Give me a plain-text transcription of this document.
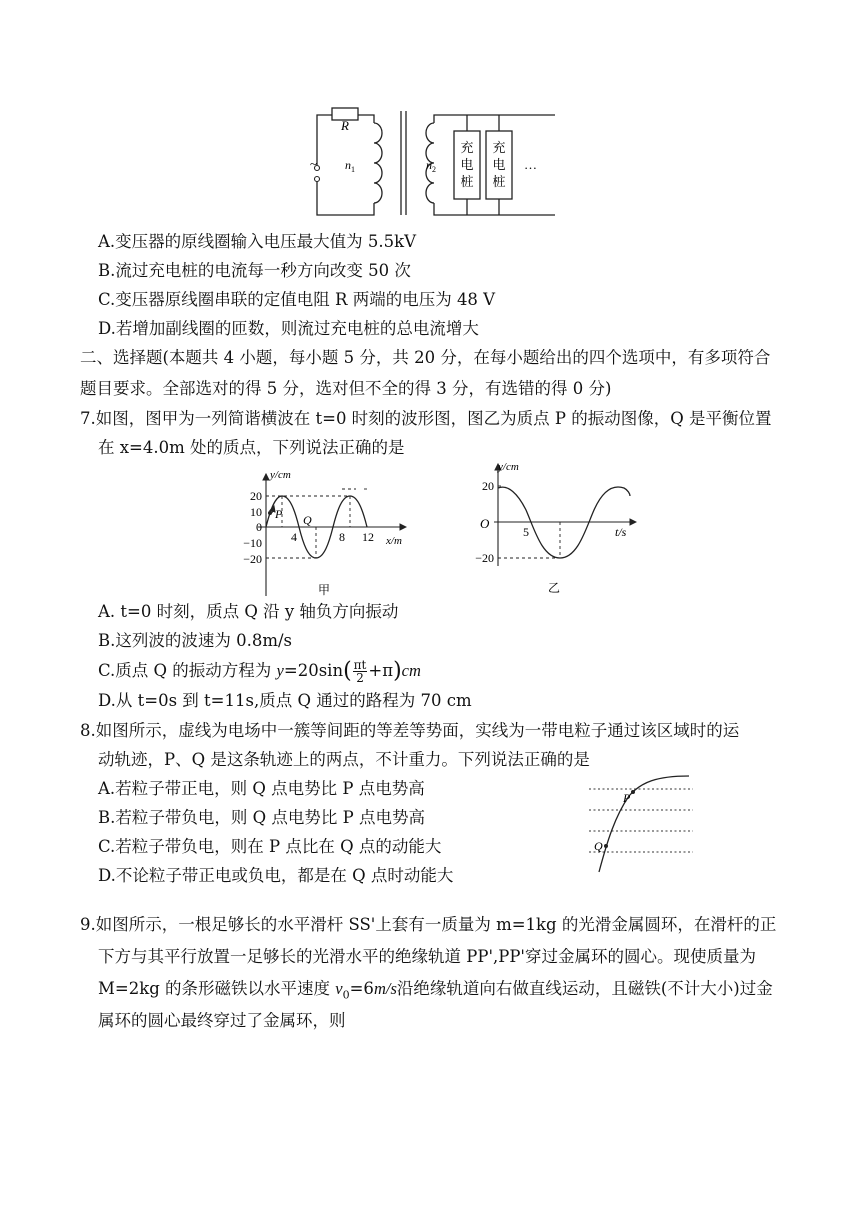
R
~ $n_1$	$n_2$
充
电
桩
充
电
桩
…
A.变压器的原线圈输入电压最大值为 5.5kV
B.流过充电桩的电流每一秒方向改变 50 次
C.变压器原线圈串联的定值电阻 R 两端的电压为 48 V
D.若增加副线圈的匝数，则流过充电桩的总电流增大
二、选择题(本题共 4 小题，每小题 5 分，共 20 分，在每小题给出的四个选项中，有多项符合
题目要求。全部选对的得 5 分，选对但不全的得 3 分，有选错的得 0 分)
7.如图，图甲为一列简谐横波在 t=0 时刻的波形图，图乙为质点 P 的振动图像，Q 是平衡位置
在 x=4.0m 处的质点，下列说法正确的是
P Q
y/cm
x/m
20
10
0
−10
−20
4	8 12
甲
y/cm
t/s
O
5
20
−20
乙
A. t=0 时刻，质点 Q 沿 y 轴负方向振动
B.这列波的波速为 0.8m/s
C.质点 Q 的振动方程为 $y=20\sin( \frac{\pi t}{2} +\pi)cm$
D.从 t=0s 到 t=11s,质点 Q 通过的路程为 70 cm
8.如图所示，虚线为电场中一簇等间距的等差等势面，实线为一带电粒子通过该区域时的运
动轨迹，P、Q 是这条轨迹上的两点，不计重力。下列说法正确的是
A.若粒子带正电，则 Q 点电势比 P 点电势高
B.若粒子带负电，则 Q 点电势比 P 点电势高
C.若粒子带负电，则在 P 点比在 Q 点的动能大
D.不论粒子带正电或负电，都是在 Q 点时动能大
P
Q
9.如图所示，一根足够长的水平滑杆 SS'上套有一质量为 m=1kg 的光滑金属圆环，在滑杆的正
下方与其平行放置一足够长的光滑水平的绝缘轨道 PP',PP'穿过金属环的圆心。现使质量为
M=2kg 的条形磁铁以水平速度 $v_0=6m/s$沿绝缘轨道向右做直线运动，且磁铁(不计大小)过金
属环的圆心最终穿过了金属环，则
